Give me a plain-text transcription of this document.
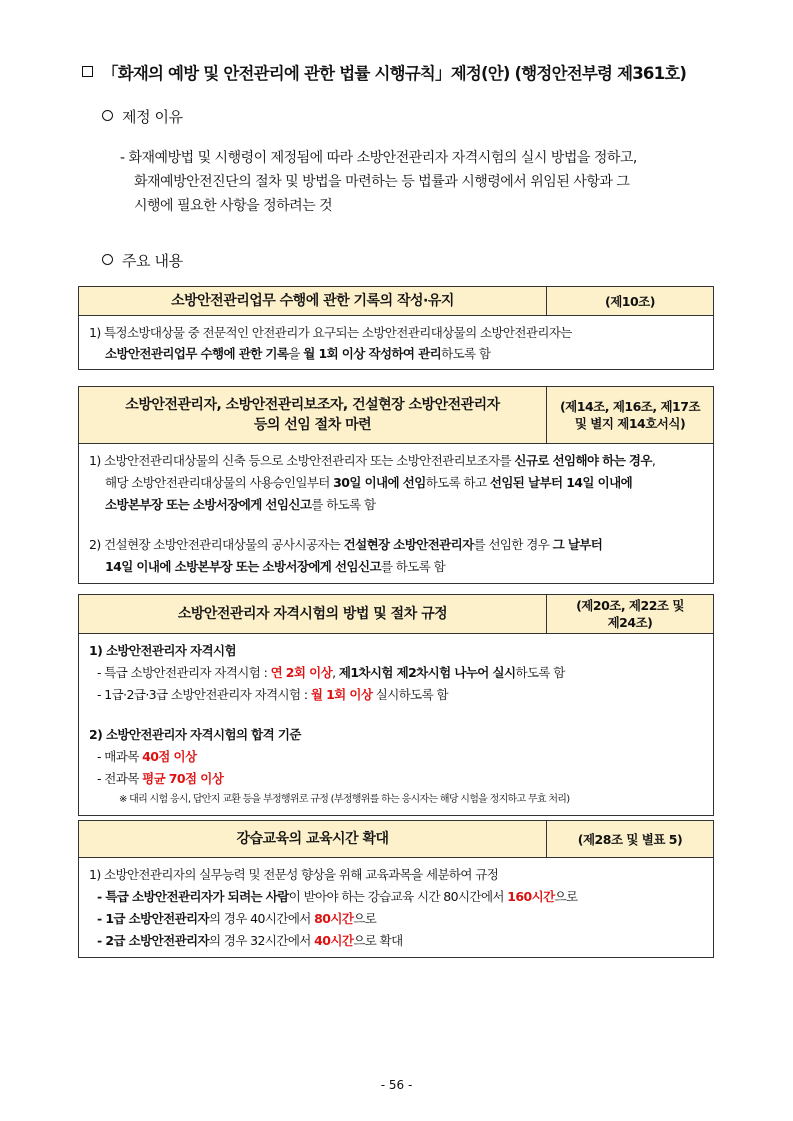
「화재의 예방 및 안전관리에 관한 법률 시행규칙」제정(안) (행정안전부령 제361호)
제정 이유
- 화재예방법 및 시행령이 제정됨에 따라 소방안전관리자 자격시험의 실시 방법을 정하고,
화재예방안전진단의 절차 및 방법을 마련하는 등 법률과 시행령에서 위임된 사항과 그
시행에 필요한 사항을 정하려는 것
주요 내용
소방안전관리업무 수행에 관한 기록의 작성·유지	(제10조)
1) 특정소방대상물 중 전문적인 안전관리가 요구되는 소방안전관리대상물의 소방안전관리자는
소방안전관리업무 수행에 관한 기록을 월 1회 이상 작성하여 관리하도록 함
소방안전관리자, 소방안전관리보조자, 건설현장 소방안전관리자
등의 선임 절차 마련
(제14조, 제16조, 제17조
및 별지 제14호서식)
1) 소방안전관리대상물의 신축 등으로 소방안전관리자 또는 소방안전관리보조자를 신규로 선임해야 하는 경우,
해당 소방안전관리대상물의 사용승인일부터 30일 이내에 선임하도록 하고 선임된 날부터 14일 이내에
소방본부장 또는 소방서장에게 선임신고를 하도록 함
2) 건설현장 소방안전관리대상물의 공사시공자는 건설현장 소방안전관리자를 선임한 경우 그 날부터
14일 이내에 소방본부장 또는 소방서장에게 선임신고를 하도록 함
소방안전관리자 자격시험의 방법 및 절차 규정
(제20조, 제22조 및
제24조)
1) 소방안전관리자 자격시험
- 특급 소방안전관리자 자격시험 : 연 2회 이상, 제1차시험 제2차시험 나누어 실시하도록 함
- 1급·2급·3급 소방안전관리자 자격시험 : 월 1회 이상 실시하도록 함
2) 소방안전관리자 자격시험의 합격 기준
- 매과목 40점 이상
- 전과목 평균 70점 이상
※ 대리 시험 응시, 답안지 교환 등을 부정행위로 규정 (부정행위를 하는 응시자는 해당 시험을 정지하고 무효 처리)
강습교육의 교육시간 확대	(제28조 및 별표 5)
1) 소방안전관리자의 실무능력 및 전문성 향상을 위해 교육과목을 세분하여 규정
- 특급 소방안전관리자가 되려는 사람이 받아야 하는 강습교육 시간 80시간에서 160시간으로
- 1급 소방안전관리자의 경우 40시간에서 80시간으로
- 2급 소방안전관리자의 경우 32시간에서 40시간으로 확대
- 56 -
